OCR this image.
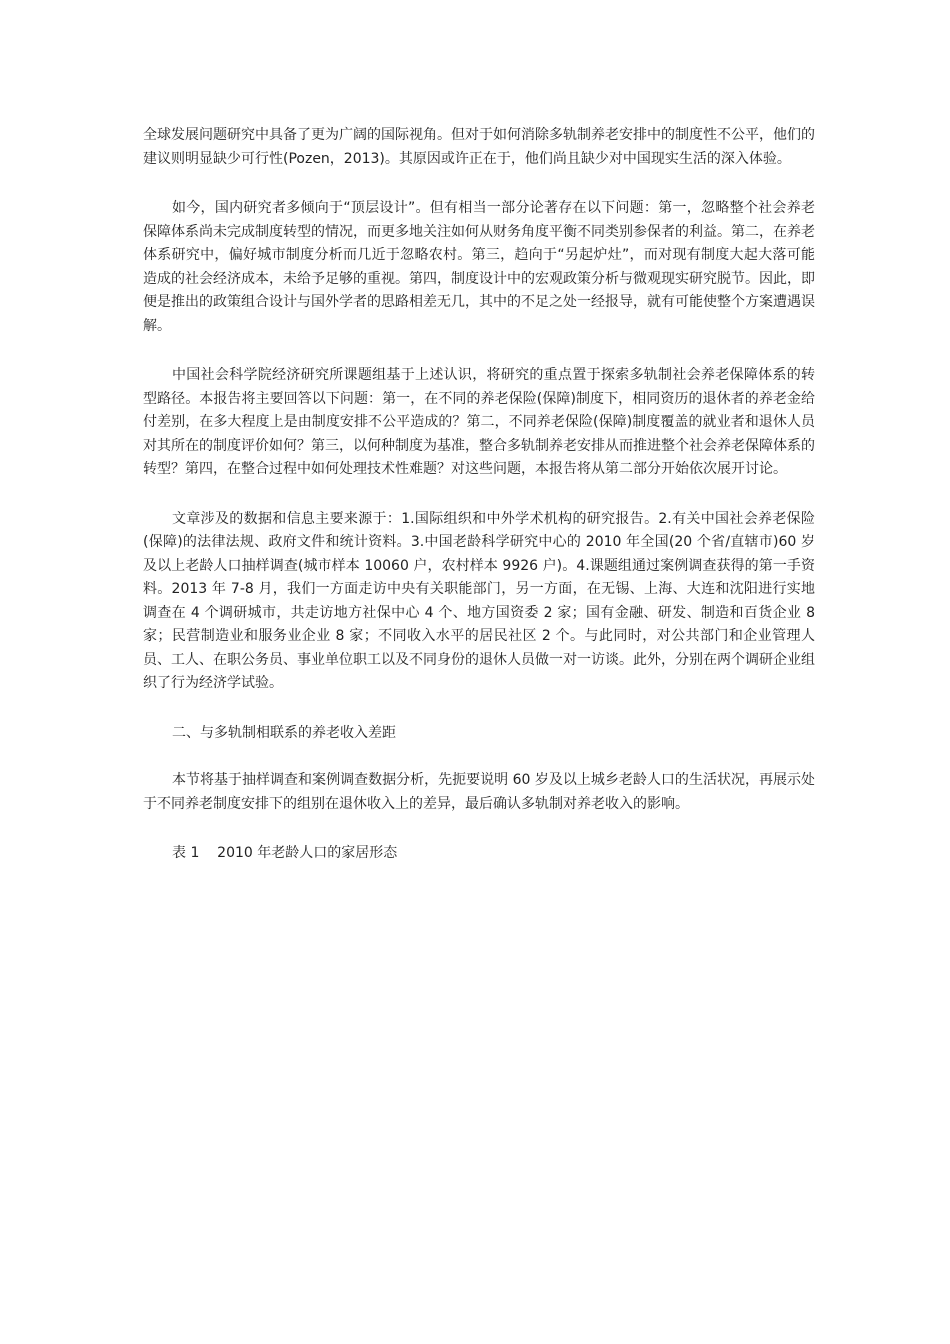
全球发展问题研究中具备了更为广阔的国际视角。但对于如何消除多轨制养老安排中的制度性不公平，他们的建议则明显缺少可行性(Pozen，2013)。其原因或许正在于，他们尚且缺少对中国现实生活的深入体验。

如今，国内研究者多倾向于“顶层设计”。但有相当一部分论著存在以下问题：第一，忽略整个社会养老保障体系尚未完成制度转型的情况，而更多地关注如何从财务角度平衡不同类别参保者的利益。第二，在养老体系研究中，偏好城市制度分析而几近于忽略农村。第三，趋向于“另起炉灶”，而对现有制度大起大落可能造成的社会经济成本，未给予足够的重视。第四，制度设计中的宏观政策分析与微观现实研究脱节。因此，即便是推出的政策组合设计与国外学者的思路相差无几，其中的不足之处一经报导，就有可能使整个方案遭遇误解。

中国社会科学院经济研究所课题组基于上述认识，将研究的重点置于探索多轨制社会养老保障体系的转型路径。本报告将主要回答以下问题：第一，在不同的养老保险(保障)制度下，相同资历的退休者的养老金给付差别，在多大程度上是由制度安排不公平造成的？第二，不同养老保险(保障)制度覆盖的就业者和退休人员对其所在的制度评价如何？第三，以何种制度为基准，整合多轨制养老安排从而推进整个社会养老保障体系的转型？第四，在整合过程中如何处理技术性难题？对这些问题，本报告将从第二部分开始依次展开讨论。

文章涉及的数据和信息主要来源于：1.国际组织和中外学术机构的研究报告。2.有关中国社会养老保险(保障)的法律法规、政府文件和统计资料。3.中国老龄科学研究中心的 2010 年全国(20 个省/直辖市)60 岁及以上老龄人口抽样调查(城市样本 10060 户，农村样本 9926 户)。4.课题组通过案例调查获得的第一手资料。2013 年 7-8 月，我们一方面走访中央有关职能部门，另一方面，在无锡、上海、大连和沈阳进行实地调查在 4 个调研城市，共走访地方社保中心 4 个、地方国资委 2 家；国有金融、研发、制造和百货企业 8 家；民营制造业和服务业企业 8 家；不同收入水平的居民社区 2 个。与此同时，对公共部门和企业管理人员、工人、在职公务员、事业单位职工以及不同身份的退休人员做一对一访谈。此外，分别在两个调研企业组织了行为经济学试验。

二、与多轨制相联系的养老收入差距

本节将基于抽样调查和案例调查数据分析，先扼要说明 60 岁及以上城乡老龄人口的生活状况，再展示处于不同养老制度安排下的组别在退休收入上的差异，最后确认多轨制对养老收入的影响。

表 1    2010 年老龄人口的家居形态
